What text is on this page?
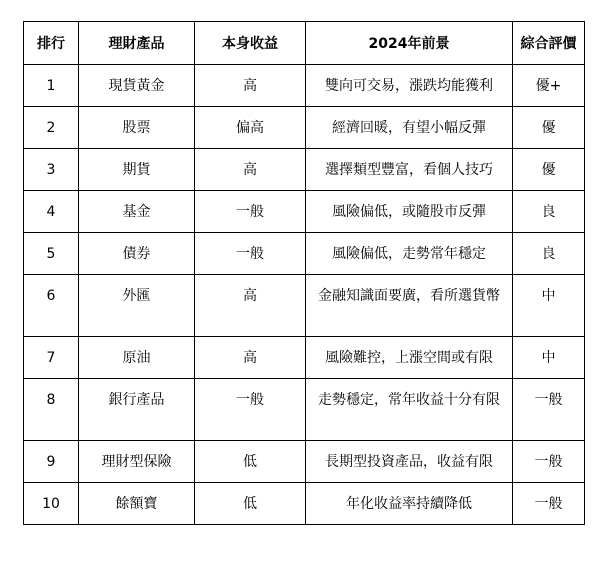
排行	理財產品	本身收益	2024年前景	綜合評價
1	現貨黃金	高	雙向可交易，漲跌均能獲利	優+
2	股票	偏高	經濟回暖，有望小幅反彈	優
3	期貨	高	選擇類型豐富，看個人技巧	優
4	基金	一般	風險偏低，或隨股市反彈	良
5	債券	一般	風險偏低，走勢常年穩定	良
6	外匯	高	金融知識面要廣，看所選貨幣	中
7	原油	高	風險難控，上漲空間或有限	中
8	銀行產品	一般	走勢穩定，常年收益十分有限	一般
9	理財型保險	低	長期型投資產品，收益有限	一般
10	餘額寶	低	年化收益率持續降低	一般
